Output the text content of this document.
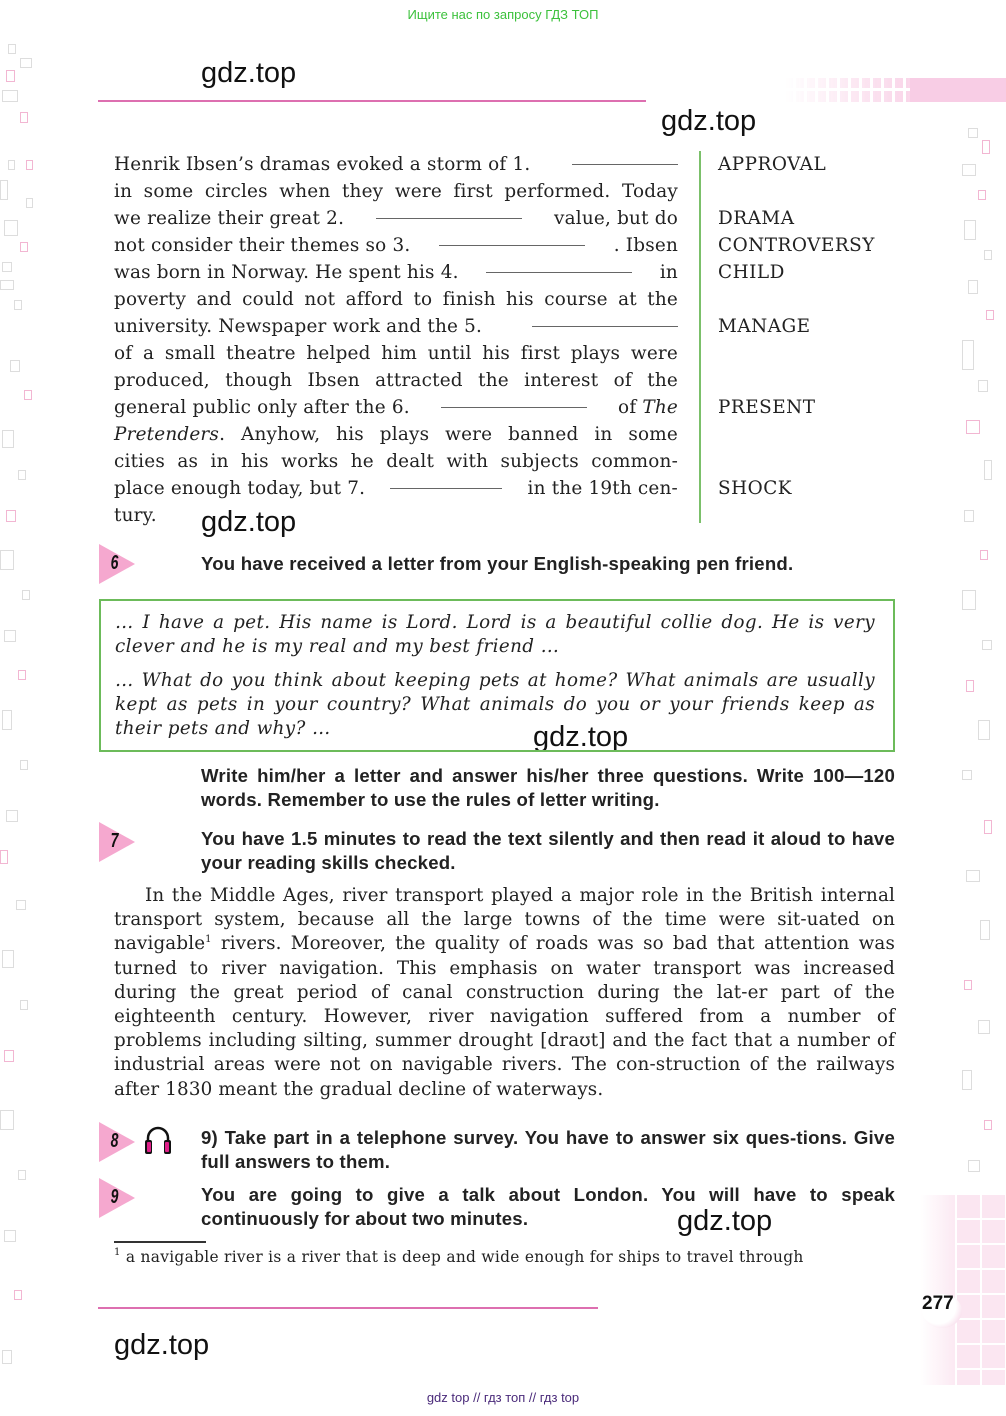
Ищите нас по запросу ГДЗ ТОП
gdz top // гдз топ // гдз top
gdz.top
gdz.top
gdz.top
gdz.top
gdz.top
gdz.top
Henrik Ibsen’s dramas evoked a storm of 1.
in some circles when they were first performed. Today
we realize their great 2.	value, but do
not consider their themes so 3.	. Ibsen
was born in Norway. He spent his 4.	in
poverty and could not afford to finish his course at the
university. Newspaper work and the 5.
of a small theatre helped him until his first plays were
produced, though Ibsen attracted the interest of the
general public only after the 6.	of The
Pretenders . Anyhow, his plays were banned in some
cities as in his works he dealt with subjects common-
place enough today, but 7.	in the 19th cen-
tury.
APPROVAL
DRAMA
CONTROVERSY
CHILD
MANAGE
PRESENT
SHOCK
6	You have received a letter from your English-speaking pen friend.

… I have a pet. His name is Lord. Lord is a beautiful collie dog. He is very clever and he is my real and my best friend …

… What do you think about keeping pets at home? What animals are usually kept as pets in your country? What animals do you or your friends keep as their pets and why? …

Write him/her a letter and answer his/her three questions. Write 100—120 words. Remember to use the rules of letter writing.
7	You have 1.5 minutes to read the text silently and then read it aloud to have your reading skills checked.
In the Middle Ages, river transport played a major role in the British internal transport system, because all the large towns of the time were sit-uated on navigable$^1$ rivers. Moreover, the quality of roads was so bad that attention was turned to river navigation. This emphasis on water transport was increased during the great period of canal construction during the lat-er part of the eighteenth century. However, river navigation suffered from a number of problems including silting, summer drought [draʊt] and the fact that a number of industrial areas were not on navigable rivers. The con-struction of the railways after 1830 meant the gradual decline of waterways.
8	9) Take part in a telephone survey. You have to answer six ques-tions. Give full answers to them.
9	You are going to give a talk about London. You will have to speak continuously for about two minutes.
$^1$ a navigable river is a river that is deep and wide enough for ships to travel through
277
